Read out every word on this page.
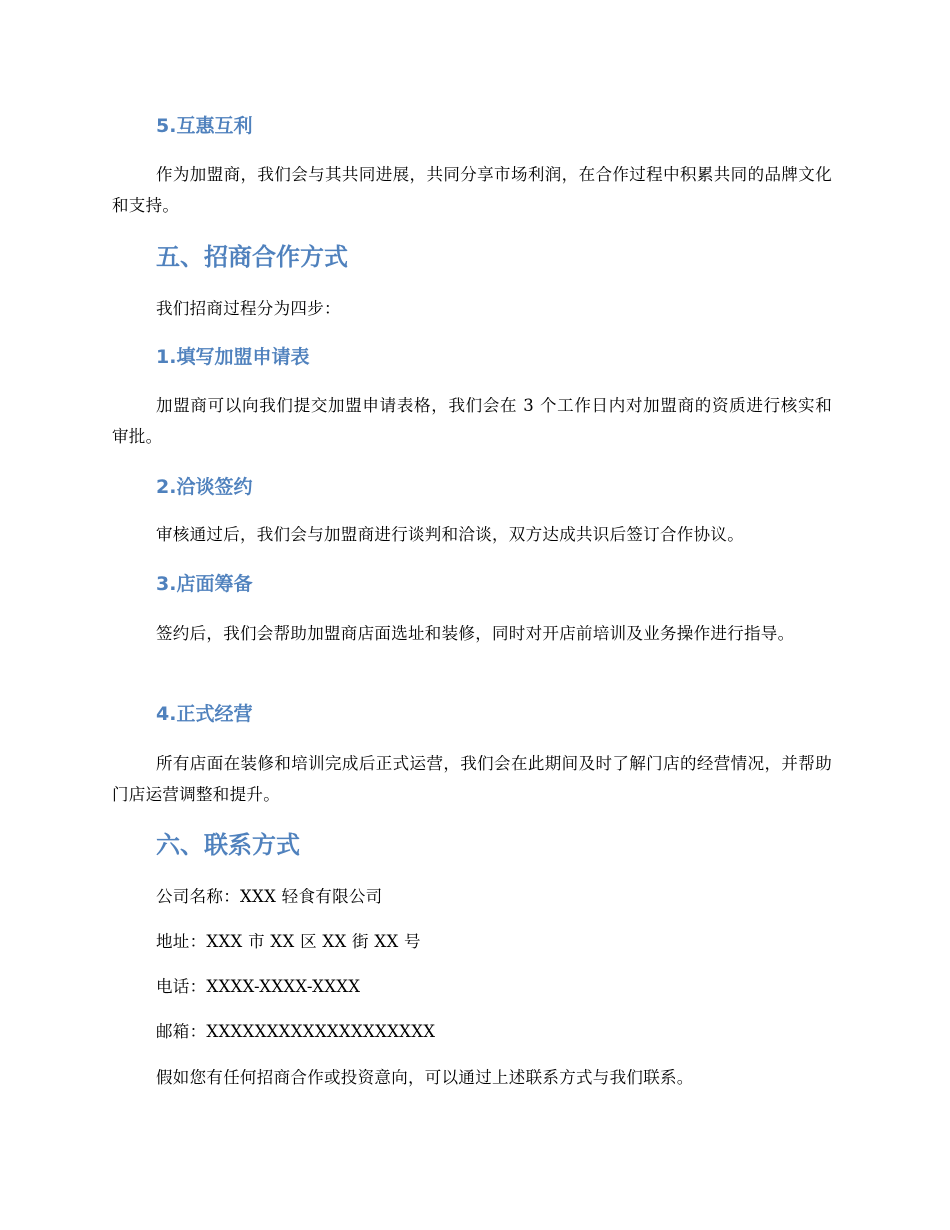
5.互惠互利

作为加盟商，我们会与其共同进展，共同分享市场利润，在合作过程中积累共同的品牌文化和支持。

五、招商合作方式

我们招商过程分为四步：

1.填写加盟申请表

加盟商可以向我们提交加盟申请表格，我们会在 3 个工作日内对加盟商的资质进行核实和审批。

2.洽谈签约

审核通过后，我们会与加盟商进行谈判和洽谈，双方达成共识后签订合作协议。

3.店面筹备

签约后，我们会帮助加盟商店面选址和装修，同时对开店前培训及业务操作进行指导。

4.正式经营

所有店面在装修和培训完成后正式运营，我们会在此期间及时了解门店的经营情况，并帮助门店运营调整和提升。

六、联系方式

公司名称：XXX 轻食有限公司

地址：XXX 市 XX 区 XX 街 XX 号

电话：XXXX-XXXX-XXXX

邮箱：XXXXXXXXXXXXXXXXXXX

假如您有任何招商合作或投资意向，可以通过上述联系方式与我们联系。
